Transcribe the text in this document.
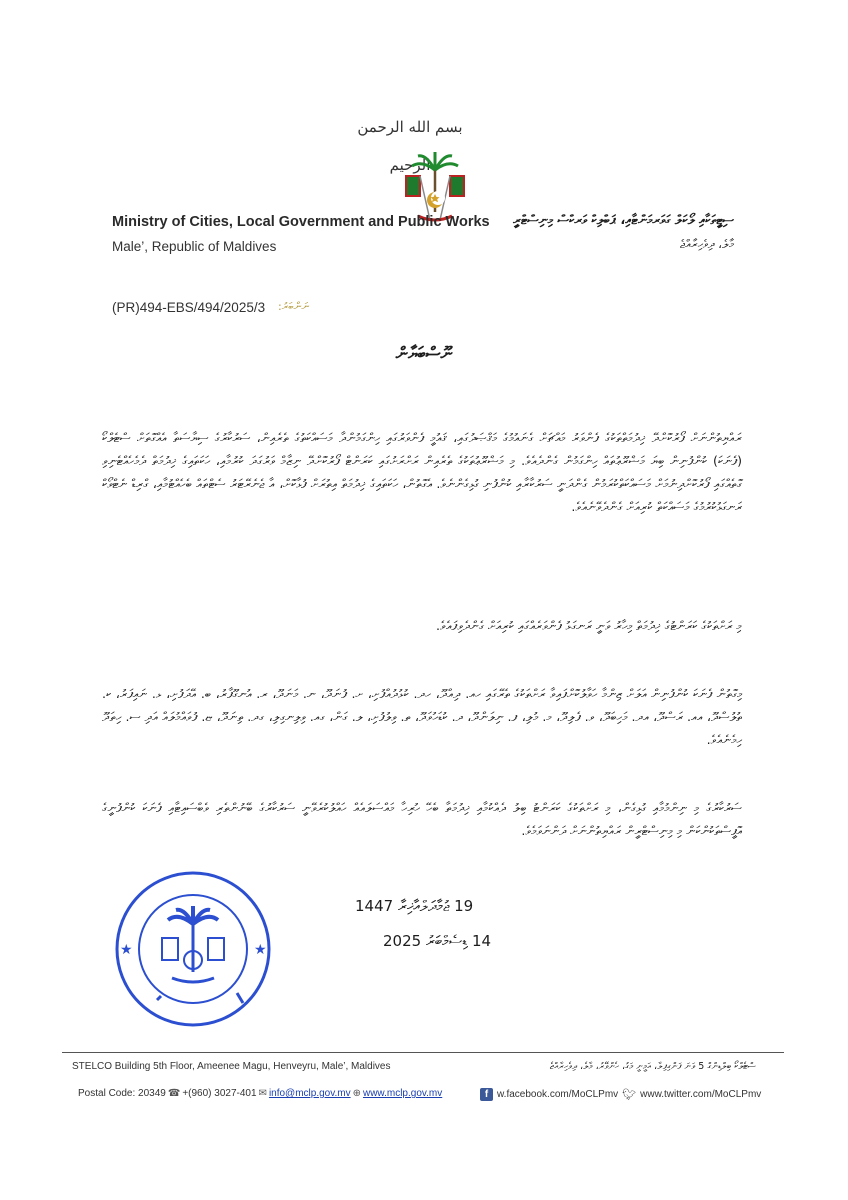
بسم الله الرحمن الرحيم
Ministry of Cities, Local Government and Public Works
Male’, Republic of Maldives
ސިޓީތަކާއި ލޯކަލް ގަވަރމަންޓާއި، ޕަބްލިކް ވަރކްސް މިނިސްޓްރީ
މާލެ، ދިވެހިރާއްޖެ
(PR)494-EBS/494/2025/3 ނަންބަރު:
ނޫސްބަޔާން
ރައްޔިތުންނަށް ފޯރުކޮށްދޭ ޚިދުމަތްތަކުގެ ފެންވަރު މައްޗަށް ގެނައުމުގެ މަޤްޞަދުގައި، ޤައުމީ ފެންވަރުގައި ހިންގަމުންދާ މަސައްކަތުގެ ތެރެއިން، ސަރުކާރުގެ ސިޔާސަތާ އެއްގޮތަށް ސްޓެލްކޯ (ފެނަކަ) ކުންފުނިން ބިޔަ މަޝްރޫޢުތައް ހިންގަމުން ގެންދެއެވެ. މި މަޝްރޫޢުތަކުގެ ތެރެއިން ރަށްރަށުގައި ކަރަންޓް ފޯރުކޮށްދޭ ނިޒާމް ވަރުގަދަ ކުރުމާއި، ހަކަތައިގެ ޚިދުމަތް ދެމެހެއްޓެނިވި ގޮތެއްގައި ފޯރުކޮށްދިނުމަށް މަސައްކަތްކުރަމުން ގެންދަނީ ސަރުކާރާއި ކުންފުނި ގުޅިގެންނެވެ. އެގޮތުން، ހަކަތައިގެ ޚިދުމަތް އިތުރަށް ފުޅާކޮށް، އާ ޖެނެރޭޓަރު ސެޓްތައް ބެހެއްޓުމާއި، ގްރިޑް ނެޓްވޯކް ރަނގަޅުކުރުމުގެ މަސައްކަތް ކުރިއަށް ގެންދެވޭނެއެވެ.
މި ރަށްތަކުގެ ކަރަންޓުގެ ޚިދުމަތް މިހާރު ވަނީ ރަނގަޅު ފެންވަރެއްގައި ކުރިއަށް ގެންދެވިފައެވެ.
މިގޮތުން ފެނަކަ ކުންފުނިން އަލަށް ޒިންމާ ހަވާލުކޮށްފައިވާ ރަށްތަކުގެ ތެރޭގައި ހއ. ދިއްދޫ، ހދ. ކުޅުދުއްފުށި، ށ. ފުނަދޫ، ނ. މަނަދޫ، ރ. އުނގޫފާރު، ބ. އޭދަފުށި، ޅ. ނައިފަރު، ކ. ތުލުސްދޫ، އއ. ރަސްދޫ، އދ. މަހިބަދޫ، ވ. ފެލިދޫ، މ. މުލި، ފ. ނިލަންދޫ، ދ. ކުޑަހުވަދޫ، ތ. ވިލުފުށި، ލ. ގަން، ގއ. ވިލިނގިލި، ގދ. ތިނަދޫ، ޏ. ފުވައްމުލައް އަދި ސ. ހިތަދޫ ހިމެނެއެވެ.
ސަރުކާރުގެ މި ނިންމުމާއި ގުޅިގެން، މި ރަށްތަކުގެ ކަރަންޓު ބިލު ދެއްކުމާއި ޚިދުމަތާ ބެހޭ ހުރިހާ މައްސަލައެއް ހައްލުކުރެވޭނީ ސަރުކާރުގެ ބޭނުންތެރި ވެބްސައިޓާއި ފެނަކަ ކުންފުނީގެ އޮފީސްތަކުންކަން މި މިނިސްޓްރީން ރައްޔިތުންނަށް ދަންނަވަމެވެ.
★	★
19 ޖުމާދަލްއާޚިރާ 1447
14 ޑިސެމްބަރު 2025
STELCO Building 5th Floor, Ameenee Magu, Henveyru, Male’, Maldives	ސްޓެލްކޯ ބިލްޑިންގް 5 ވަނަ ފަންގިފިލާ، އަމީނީ މަގު، ހެންވޭރު، މާލެ، ދިވެހިރާއްޖެ
Postal Code: 20349 ☎ +(960) 3027-401 ✉ info@mclp.gov.mv ⊕ www.mclp.gov.mv	f w.facebook.com/MoCLPmv 🐦︎ www.twitter.com/MoCLPmv
